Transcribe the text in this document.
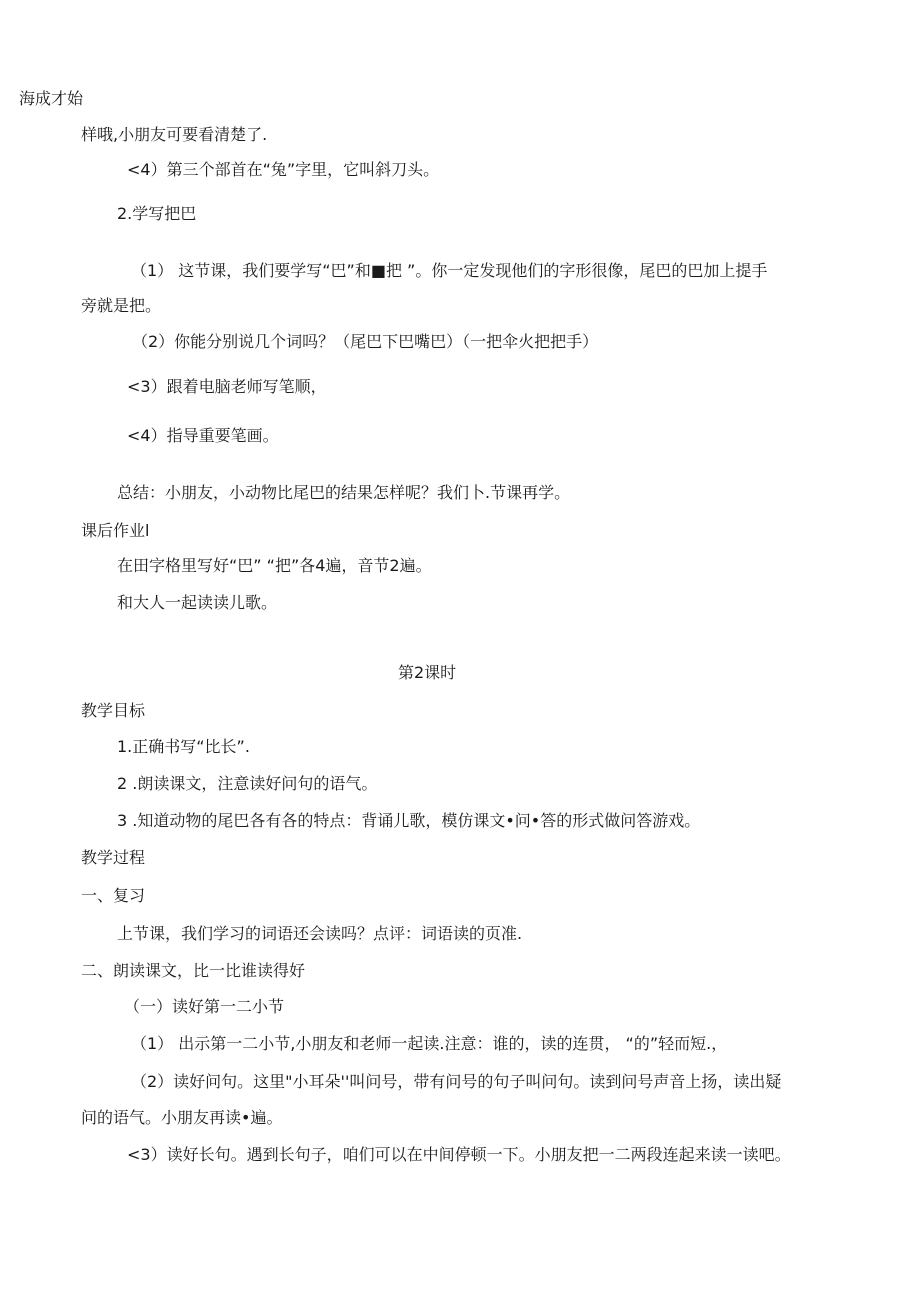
海成才始

样哦,小朋友可要看清楚了.

<4）第三个部首在“兔”字里，它叫斜刀头。

2.学写把巴

（1） 这节课，我们要学写“巴”和■把 ”。你一定发现他们的字形很像，尾巴的巴加上提手

旁就是把。

（2）你能分别说几个词吗？（尾巴下巴嘴巴）（一把伞火把把手）

<3）跟着电脑老师写笔顺，

<4）指导重要笔画。

总结：小朋友，小动物比尾巴的结果怎样呢？我们卜.节课再学。

课后作业l

在田字格里写好“巴” “把”各4遍，音节2遍。

和大人一起读读儿歌。

第2课时

教学目标

1.正确书写“比长”.

2 .朗读课文，注意读好问句的语气。

3 .知道动物的尾巴各有各的特点：背诵儿歌，模仿课文•问•答的形式做问答游戏。

教学过程

一、复习

上节课，我们学习的词语还会读吗？点评：词语读的页准.

二、朗读课文，比一比谁读得好

（一）读好第一二小节

（1） 出示第一二小节,小朋友和老师一起读.注意：谁的，读的连贯， “的”轻而短.，

（2）读好问句。这里"小耳朵''叫问号，带有问号的句子叫问句。读到问号声音上扬，读出疑

问的语气。小朋友再读•遍。

<3）读好长句。遇到长句子，咱们可以在中间停顿一下。小朋友把一二两段连起来读一读吧。
